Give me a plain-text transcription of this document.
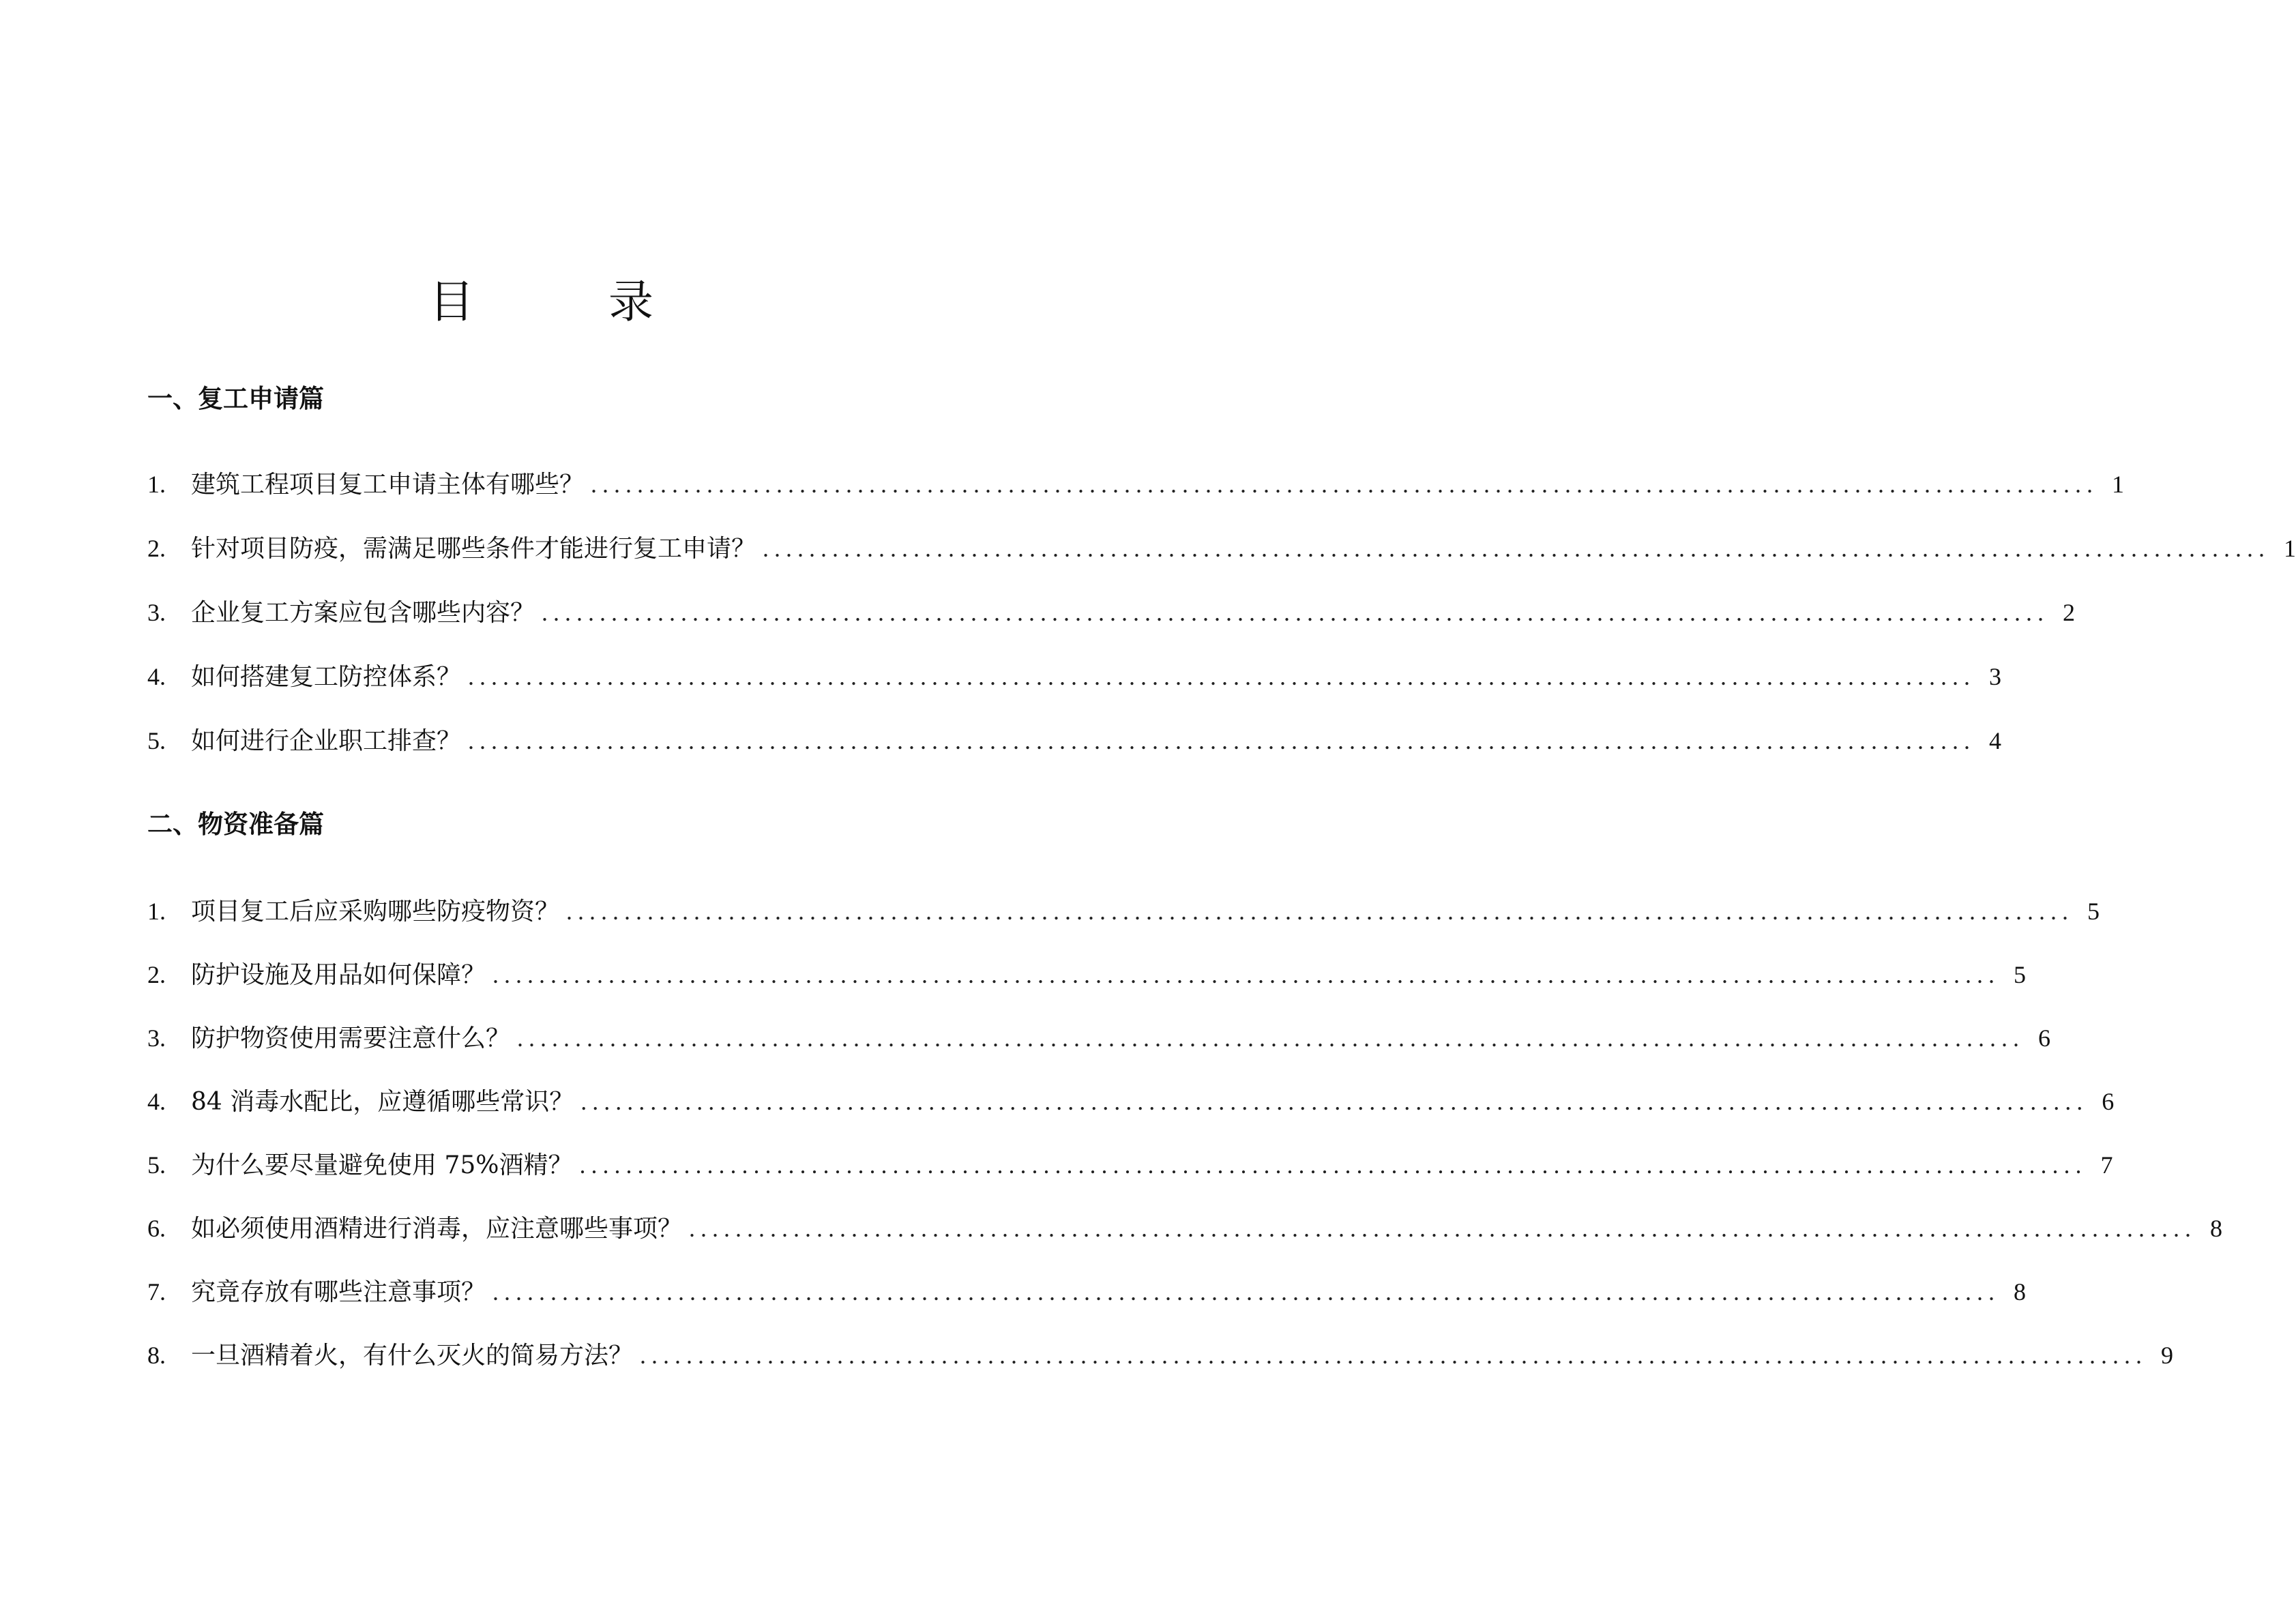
目 录
一、复工申请篇
1.	建筑工程项目复工申请主体有哪些？ .................................................................................................................................. 1
2.	针对项目防疫，需满足哪些条件才能进行复工申请？ .................................................................................................................................. 1
3.	企业复工方案应包含哪些内容？ .................................................................................................................................. 2
4.	如何搭建复工防控体系？ .................................................................................................................................. 3
5.	如何进行企业职工排查？ .................................................................................................................................. 4
二、物资准备篇
1.	项目复工后应采购哪些防疫物资？ .................................................................................................................................. 5
2.	防护设施及用品如何保障？ .................................................................................................................................. 5
3.	防护物资使用需要注意什么？ .................................................................................................................................. 6
4.	84 消毒水配比，应遵循哪些常识？ .................................................................................................................................. 6
5.	为什么要尽量避免使用 75%酒精？ .................................................................................................................................. 7
6.	如必须使用酒精进行消毒，应注意哪些事项？ .................................................................................................................................. 8
7.	究竟存放有哪些注意事项？ .................................................................................................................................. 8
8.	一旦酒精着火，有什么灭火的简易方法？ .................................................................................................................................. 9
